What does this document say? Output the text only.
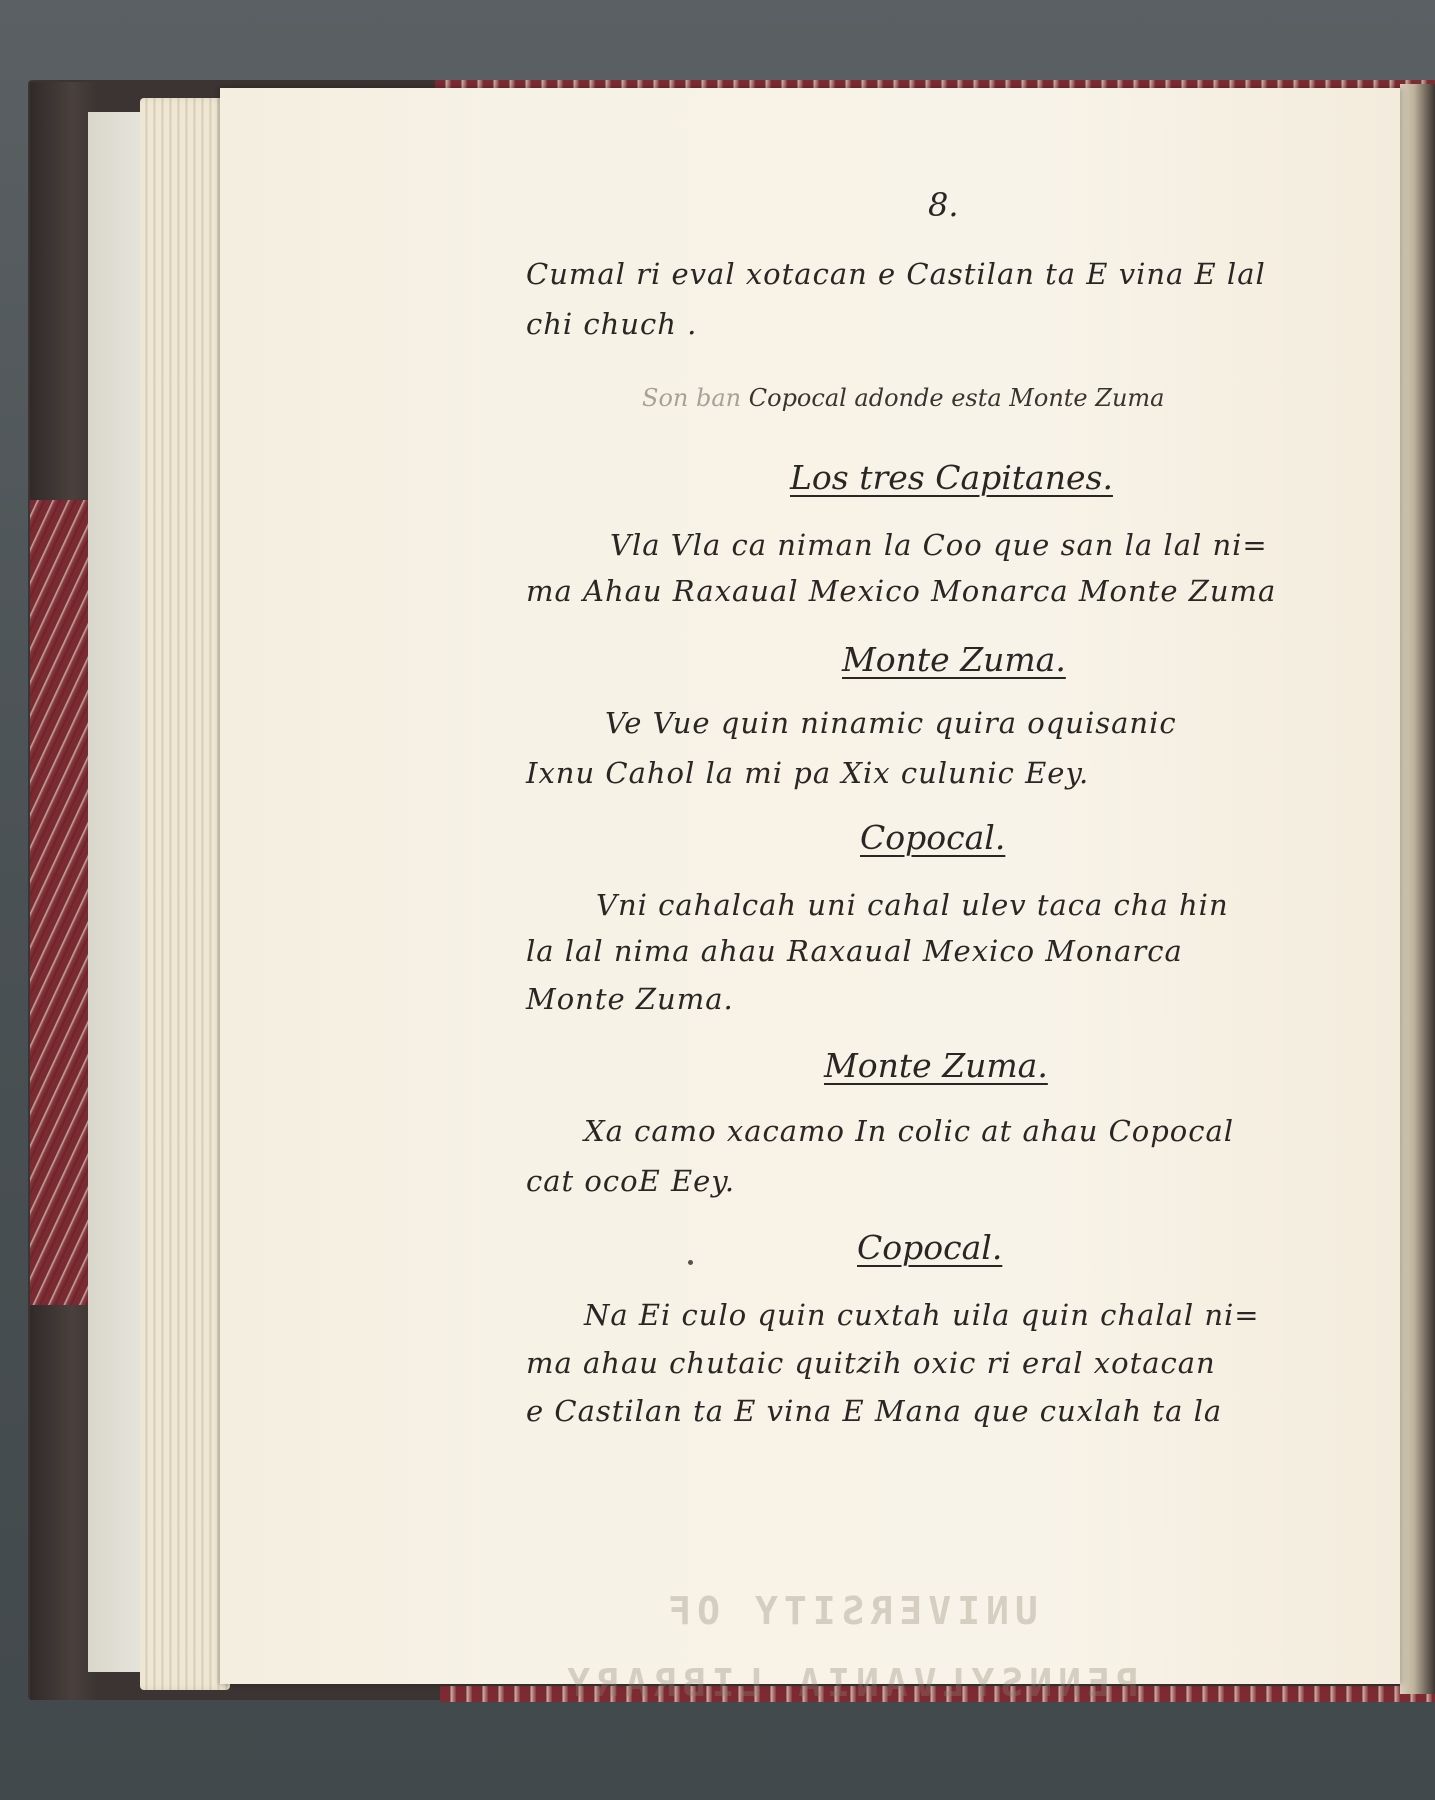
8.
Cumal ri eval xotacan e Castilan ta E vina E lal
chi chuch .
Son ban Copocal adonde esta Monte Zuma
Los tres Capitanes.
Vla Vla ca niman la Coo que san la lal ni=
ma Ahau Raxaual Mexico Monarca Monte Zuma
Monte Zuma.
Ve Vue quin ninamic quira oquisanic
Ixnu Cahol la mi pa Xix culunic Eey.
Copocal.
Vni cahalcah uni cahal ulev taca cha hin
la lal nima ahau Raxaual Mexico Monarca
Monte Zuma.
Monte Zuma.
Xa camo xacamo In colic at ahau Copocal
cat ocoE Eey.
Copocal.
Na Ei culo quin cuxtah uila quin chalal ni=
ma ahau chutaic quitzih oxic ri eral xotacan
e Castilan ta E vina E Mana que cuxlah ta la
UNIVERSITY OF
PENNSYLVANIA LIBRARY
